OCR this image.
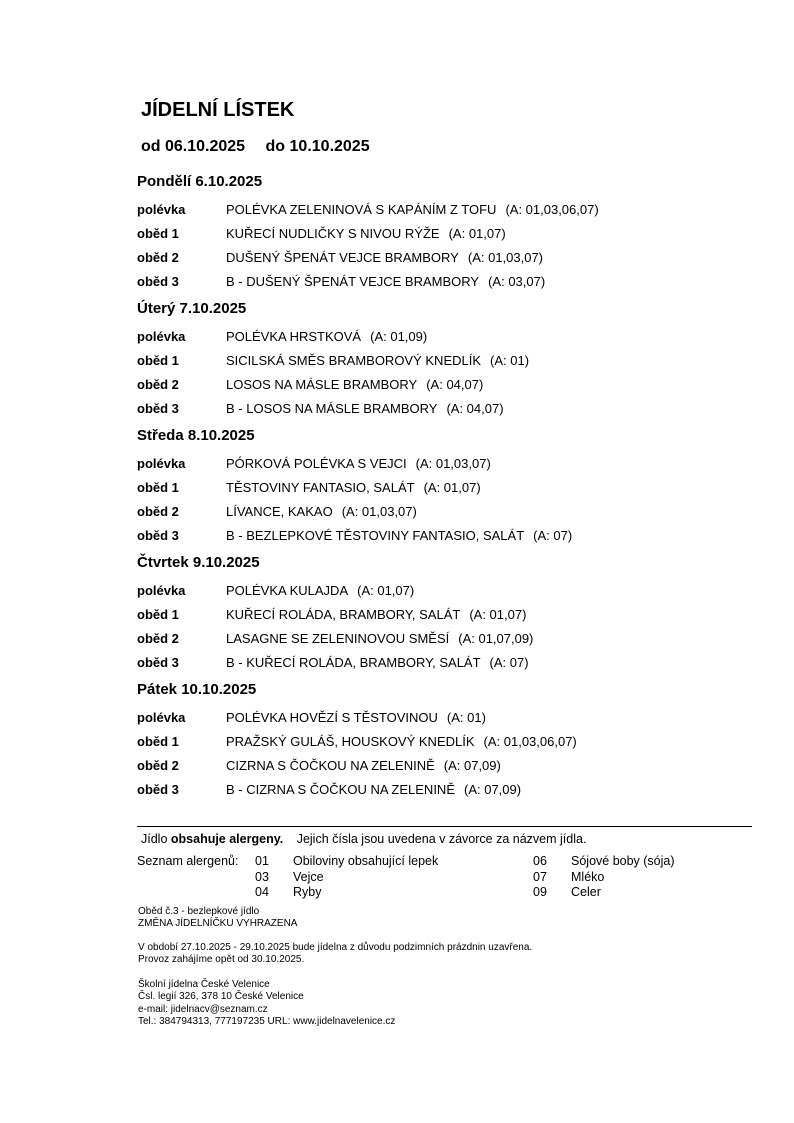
JÍDELNÍ LÍSTEK
od 06.10.2025 do 10.10.2025
Pondělí 6.10.2025
polévka	POLÉVKA ZELENINOVÁ S KAPÁNÍM Z TOFU (A: 01,03,06,07)
oběd 1	KUŘECÍ NUDLIČKY S NIVOU RÝŽE (A: 01,07)
oběd 2	DUŠENÝ ŠPENÁT VEJCE BRAMBORY (A: 01,03,07)
oběd 3	B - DUŠENÝ ŠPENÁT VEJCE BRAMBORY (A: 03,07)
Úterý 7.10.2025
polévka	POLÉVKA HRSTKOVÁ (A: 01,09)
oběd 1	SICILSKÁ SMĚS BRAMBOROVÝ KNEDLÍK (A: 01)
oběd 2	LOSOS NA MÁSLE BRAMBORY (A: 04,07)
oběd 3	B - LOSOS NA MÁSLE BRAMBORY (A: 04,07)
Středa 8.10.2025
polévka	PÓRKOVÁ POLÉVKA S VEJCI (A: 01,03,07)
oběd 1	TĚSTOVINY FANTASIO, SALÁT (A: 01,07)
oběd 2	LÍVANCE, KAKAO (A: 01,03,07)
oběd 3	B - BEZLEPKOVÉ TĚSTOVINY FANTASIO, SALÁT (A: 07)
Čtvrtek 9.10.2025
polévka	POLÉVKA KULAJDA (A: 01,07)
oběd 1	KUŘECÍ ROLÁDA, BRAMBORY, SALÁT (A: 01,07)
oběd 2	LASAGNE SE ZELENINOVOU SMĚSÍ (A: 01,07,09)
oběd 3	B - KUŘECÍ ROLÁDA, BRAMBORY, SALÁT (A: 07)
Pátek 10.10.2025
polévka	POLÉVKA HOVĚZÍ S TĚSTOVINOU (A: 01)
oběd 1	PRAŽSKÝ GULÁŠ, HOUSKOVÝ KNEDLÍK (A: 01,03,06,07)
oběd 2	CIZRNA S ČOČKOU NA ZELENINĚ (A: 07,09)
oběd 3	B - CIZRNA S ČOČKOU NA ZELENINĚ (A: 07,09)
Jídlo obsahuje alergeny. Jejich čísla jsou uvedena v závorce za názvem jídla.
Seznam alergenů: 01 Obiloviny obsahující lepek
03 Vejce
04 Ryby
06 Sójové boby (sója)
07 Mléko
09 Celer
Oběd č.3 - bezlepkové jídlo
ZMĚNA JÍDELNÍČKU VYHRAZENA
V období 27.10.2025 - 29.10.2025 bude jídelna z důvodu podzimních prázdnin uzavřena.
Provoz zahájíme opět od 30.10.2025.
Školní jídelna České Velenice
Čsl. legií 326, 378 10 České Velenice
e-mail: jidelnacv@seznam.cz
Tel.: 384794313, 777197235 URL: www.jidelnavelenice.cz
